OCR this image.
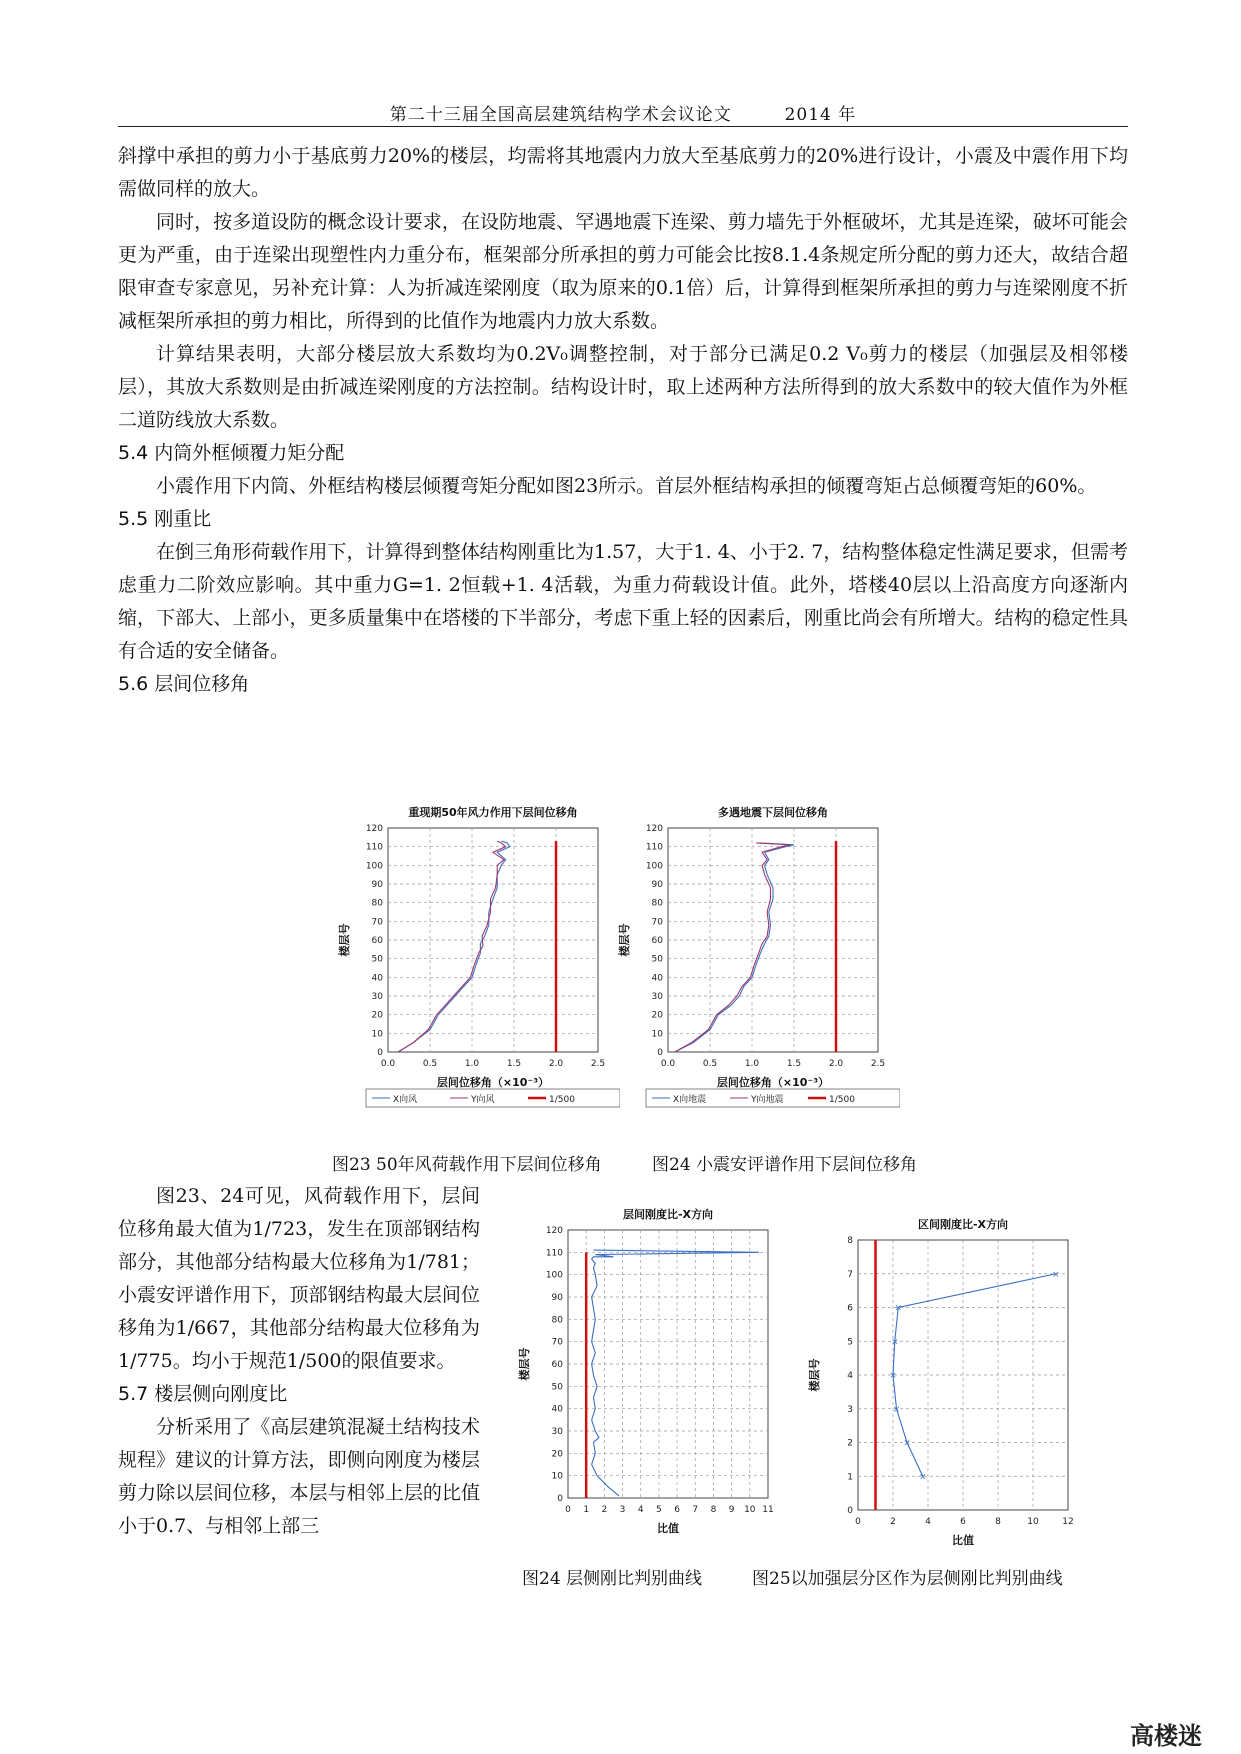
第二十三届全国高层建筑结构学术会议论文	2014 年

斜撑中承担的剪力小于基底剪力20%的楼层，均需将其地震内力放大至基底剪力的20%进行设计，小震及中震作用下均需做同样的放大。

同时，按多道设防的概念设计要求，在设防地震、罕遇地震下连梁、剪力墙先于外框破坏，尤其是连梁，破坏可能会更为严重，由于连梁出现塑性内力重分布，框架部分所承担的剪力可能会比按8.1.4条规定所分配的剪力还大，故结合超限审查专家意见，另补充计算：人为折减连梁刚度（取为原来的0.1倍）后，计算得到框架所承担的剪力与连梁刚度不折减框架所承担的剪力相比，所得到的比值作为地震内力放大系数。

计算结果表明，大部分楼层放大系数均为0.2V₀调整控制，对于部分已满足0.2 V₀剪力的楼层（加强层及相邻楼层），其放大系数则是由折减连梁刚度的方法控制。结构设计时，取上述两种方法所得到的放大系数中的较大值作为外框二道防线放大系数。

5.4 内筒外框倾覆力矩分配

小震作用下内筒、外框结构楼层倾覆弯矩分配如图23所示。首层外框结构承担的倾覆弯矩占总倾覆弯矩的60%。

5.5 刚重比

在倒三角形荷载作用下，计算得到整体结构刚重比为1.57，大于1. 4、小于2. 7，结构整体稳定性满足要求，但需考虑重力二阶效应影响。其中重力G=1. 2恒载+1. 4活载，为重力荷载设计值。此外，塔楼40层以上沿高度方向逐渐内缩，下部大、上部小，更多质量集中在塔楼的下半部分，考虑下重上轻的因素后，刚重比尚会有所增大。结构的稳定性具有合适的安全储备。

5.6 层间位移角
0.0	0.5	1.0	1.5	2.0	2.5
0
10
20
30
40
50
60
70
80
90
100
110
120
重现期50年风力作用下层间位移角
层间位移角（×10⁻³）
楼层号
X向风	Y向风	1/500
0.0	0.5	1.0	1.5	2.0	2.5
0
10
20
30
40
50
60
70
80
90
100
110
120
多遇地震下层间位移角
层间位移角（×10⁻³）
楼层号
X向地震	Y向地震	1/500
图23 50年风荷载作用下层间位移角	图24 小震安评谱作用下层间位移角

图23、24可见，风荷载作用下，层间位移角最大值为1/723，发生在顶部钢结构部分，其他部分结构最大位移角为1/781；小震安评谱作用下，顶部钢结构最大层间位移角为1/667，其他部分结构最大位移角为1/775。均小于规范1/500的限值要求。

5.7 楼层侧向刚度比

分析采用了《高层建筑混凝土结构技术规程》建议的计算方法，即侧向刚度为楼层剪力除以层间位移，本层与相邻上层的比值小于0.7、与相邻上部三

0 1 2 3 4 5 6 7 8 9 10 11
0
10
20
30
40
50
60
70
80
90
100
110
120
层间刚度比-X方向
比值
楼层号
0	2	4	6	8	10	12
0
1
2
3
4
5
6
7
8
区间刚度比-X方向
比值
楼层号
×
×
×
×
×
×
×
图24 层侧刚比判别曲线	图25以加强层分区作为层侧刚比判别曲线
高楼迷
